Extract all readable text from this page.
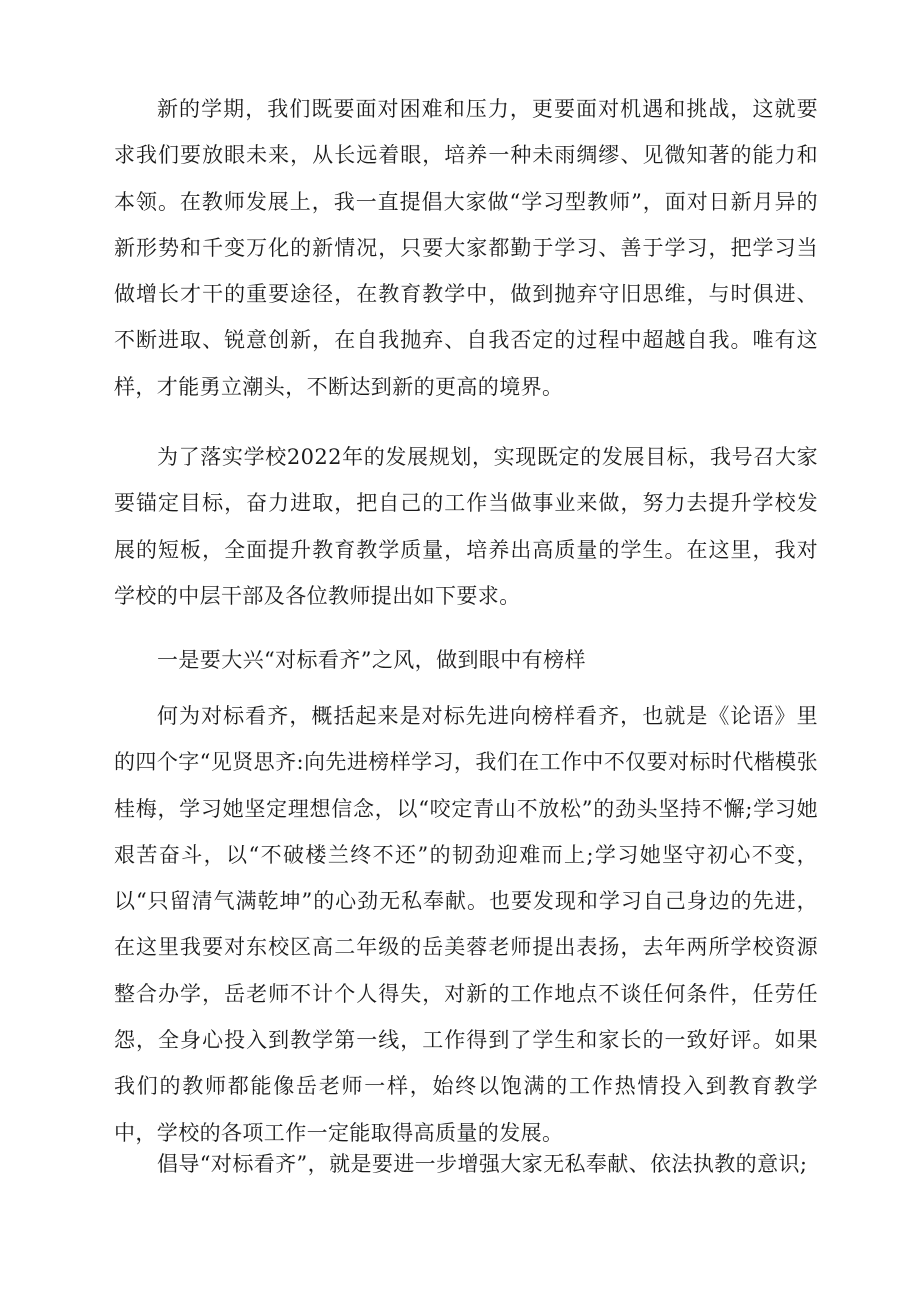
新的学期，我们既要面对困难和压力，更要面对机遇和挑战，这就要求我们要放眼未来，从长远着眼，培养一种未雨绸缪、见微知著的能力和本领。在教师发展上，我一直提倡大家做“学习型教师”，面对日新月异的新形势和千变万化的新情况，只要大家都勤于学习、善于学习，把学习当做增长才干的重要途径，在教育教学中，做到抛弃守旧思维，与时俱进、不断进取、锐意创新，在自我抛弃、自我否定的过程中超越自我。唯有这样，才能勇立潮头，不断达到新的更高的境界。

为了落实学校2022年的发展规划，实现既定的发展目标，我号召大家要锚定目标，奋力进取，把自己的工作当做事业来做，努力去提升学校发展的短板，全面提升教育教学质量，培养出高质量的学生。在这里，我对学校的中层干部及各位教师提出如下要求。

一是要大兴“对标看齐”之风，做到眼中有榜样

何为对标看齐，概括起来是对标先进向榜样看齐，也就是《论语》里的四个字“见贤思齐:向先进榜样学习，我们在工作中不仅要对标时代楷模张桂梅，学习她坚定理想信念，以“咬定青山不放松”的劲头坚持不懈;学习她艰苦奋斗，以“不破楼兰终不还”的韧劲迎难而上;学习她坚守初心不变，以“只留清气满乾坤”的心劲无私奉献。也要发现和学习自己身边的先进，在这里我要对东校区高二年级的岳美蓉老师提出表扬，去年两所学校资源整合办学，岳老师不计个人得失，对新的工作地点不谈任何条件，任劳任怨，全身心投入到教学第一线，工作得到了学生和家长的一致好评。如果我们的教师都能像岳老师一样，始终以饱满的工作热情投入到教育教学中，学校的各项工作一定能取得高质量的发展。

倡导“对标看齐”，就是要进一步增强大家无私奉献、依法执教的意识;
